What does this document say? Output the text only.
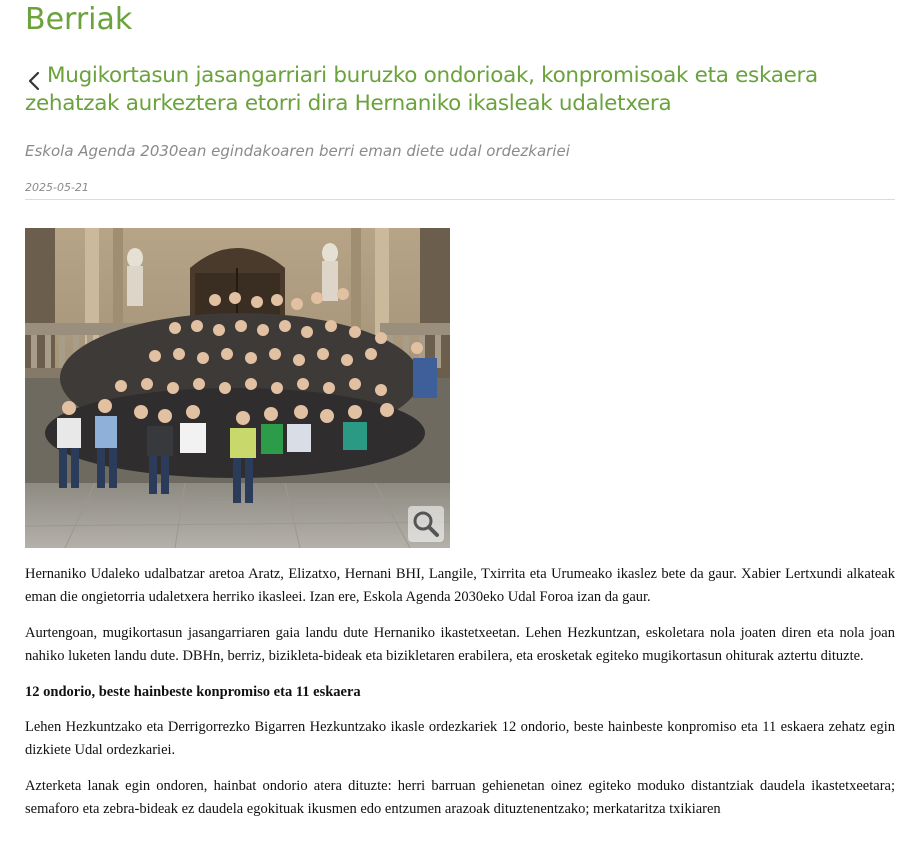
Berriak
Mugikortasun jasangarriari buruzko ondorioak, konpromisoak eta eskaera
zehatzak aurkeztera etorri dira Hernaniko ikasleak udaletxera
Eskola Agenda 2030ean egindakoaren berri eman diete udal ordezkariei
2025-05-21

Hernaniko Udaleko udalbatzar aretoa Aratz, Elizatxo, Hernani BHI, Langile, Txirrita eta Urumeako ikaslez bete da gaur. Xabier Lertxundi alkateak eman die ongietorria udaletxera herriko ikasleei. Izan ere, Eskola Agenda 2030eko Udal Foroa izan da gaur.

Aurtengoan, mugikortasun jasangarriaren gaia landu dute Hernaniko ikastetxeetan. Lehen Hezkuntzan, eskoletara nola joaten diren eta nola joan nahiko luketen landu dute. DBHn, berriz, bizikleta-bideak eta bizikletaren erabilera, eta erosketak egiteko mugikortasun ohiturak aztertu dituzte.

12 ondorio, beste hainbeste konpromiso eta 11 eskaera

Lehen Hezkuntzako eta Derrigorrezko Bigarren Hezkuntzako ikasle ordezkariek 12 ondorio, beste hainbeste konpromiso eta 11 eskaera zehatz egin dizkiete Udal ordezkariei.

Azterketa lanak egin ondoren, hainbat ondorio atera dituzte: herri barruan gehienetan oinez egiteko moduko distantziak daudela ikastetxeetara; semaforo eta zebra-bideak ez daudela egokituak ikusmen edo entzumen arazoak dituztenentzako; merkataritza txikiaren
